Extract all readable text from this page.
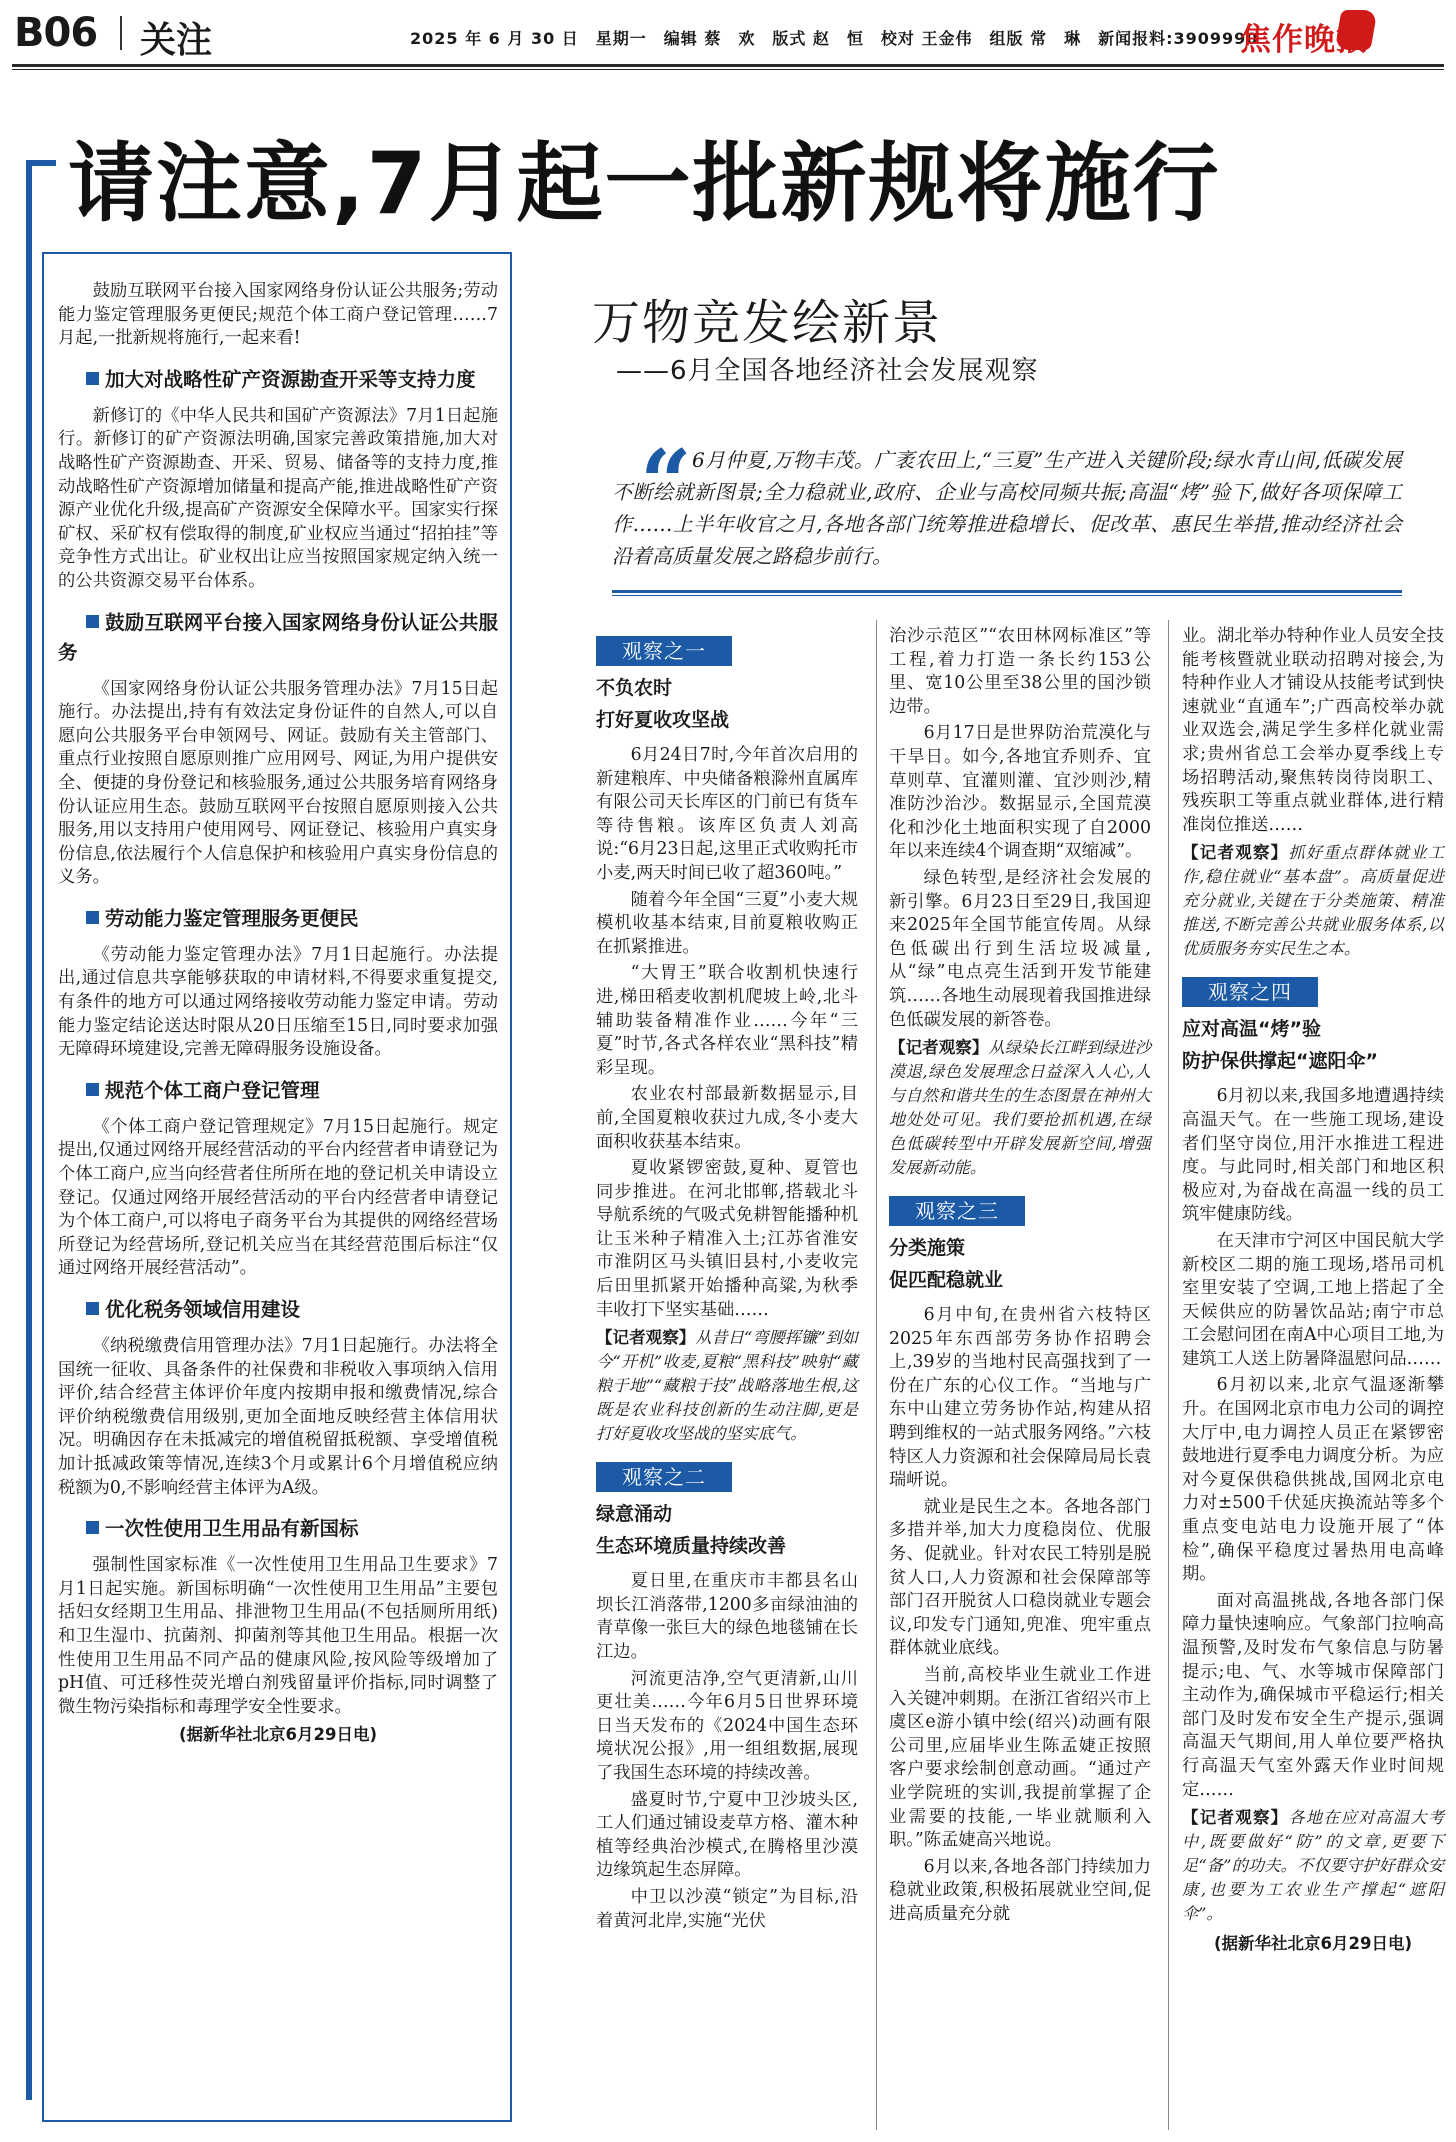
B06 关注	2025 年 6 月 30 日　星期一　编辑 蔡　欢　版式 赵　恒　校对 王金伟　组版 常　琳　新闻报料:3909990
焦作晚报
请注意,7月起一批新规将施行

鼓励互联网平台接入国家网络身份认证公共服务;劳动能力鉴定管理服务更便民;规范个体工商户登记管理……7月起,一批新规将施行,一起来看!

加大对战略性矿产资源勘查开采等支持力度

新修订的《中华人民共和国矿产资源法》7月1日起施行。新修订的矿产资源法明确,国家完善政策措施,加大对战略性矿产资源勘查、开采、贸易、储备等的支持力度,推动战略性矿产资源增加储量和提高产能,推进战略性矿产资源产业优化升级,提高矿产资源安全保障水平。国家实行探矿权、采矿权有偿取得的制度,矿业权应当通过“招拍挂”等竞争性方式出让。矿业权出让应当按照国家规定纳入统一的公共资源交易平台体系。

鼓励互联网平台接入国家网络身份认证公共服务

《国家网络身份认证公共服务管理办法》7月15日起施行。办法提出,持有有效法定身份证件的自然人,可以自愿向公共服务平台申领网号、网证。鼓励有关主管部门、重点行业按照自愿原则推广应用网号、网证,为用户提供安全、便捷的身份登记和核验服务,通过公共服务培育网络身份认证应用生态。鼓励互联网平台按照自愿原则接入公共服务,用以支持用户使用网号、网证登记、核验用户真实身份信息,依法履行个人信息保护和核验用户真实身份信息的义务。

劳动能力鉴定管理服务更便民

《劳动能力鉴定管理办法》7月1日起施行。办法提出,通过信息共享能够获取的申请材料,不得要求重复提交,有条件的地方可以通过网络接收劳动能力鉴定申请。劳动能力鉴定结论送达时限从20日压缩至15日,同时要求加强无障碍环境建设,完善无障碍服务设施设备。

规范个体工商户登记管理

《个体工商户登记管理规定》7月15日起施行。规定提出,仅通过网络开展经营活动的平台内经营者申请登记为个体工商户,应当向经营者住所所在地的登记机关申请设立登记。仅通过网络开展经营活动的平台内经营者申请登记为个体工商户,可以将电子商务平台为其提供的网络经营场所登记为经营场所,登记机关应当在其经营范围后标注“仅通过网络开展经营活动”。

优化税务领域信用建设

《纳税缴费信用管理办法》7月1日起施行。办法将全国统一征收、具备条件的社保费和非税收入事项纳入信用评价,结合经营主体评价年度内按期申报和缴费情况,综合评价纳税缴费信用级别,更加全面地反映经营主体信用状况。明确因存在未抵减完的增值税留抵税额、享受增值税加计抵减政策等情况,连续3个月或累计6个月增值税应纳税额为0,不影响经营主体评为A级。

一次性使用卫生用品有新国标

强制性国家标准《一次性使用卫生用品卫生要求》7月1日起实施。新国标明确“一次性使用卫生用品”主要包括妇女经期卫生用品、排泄物卫生用品(不包括厕所用纸)和卫生湿巾、抗菌剂、抑菌剂等其他卫生用品。根据一次性使用卫生用品不同产品的健康风险,按风险等级增加了pH值、可迁移性荧光增白剂残留量评价指标,同时调整了微生物污染指标和毒理学安全性要求。

(据新华社北京6月29日电)
万物竞发绘新景
——6月全国各地经济社会发展观察
“ 6月仲夏,万物丰茂。广袤农田上,“三夏”生产进入关键阶段;绿水青山间,低碳发展不断绘就新图景;全力稳就业,政府、企业与高校同频共振;高温“烤”验下,做好各项保障工作……上半年收官之月,各地各部门统筹推进稳增长、促改革、惠民生举措,推动经济社会沿着高质量发展之路稳步前行。
观察之一
不负农时
打好夏收攻坚战

6月24日7时,今年首次启用的新建粮库、中央储备粮滁州直属库有限公司天长库区的门前已有货车等待售粮。该库区负责人刘高说:“6月23日起,这里正式收购托市小麦,两天时间已收了超360吨。”

随着今年全国“三夏”小麦大规模机收基本结束,目前夏粮收购正在抓紧推进。

“大胃王”联合收割机快速行进,梯田稻麦收割机爬坡上岭,北斗辅助装备精准作业……今年“三夏”时节,各式各样农业“黑科技”精彩呈现。

农业农村部最新数据显示,目前,全国夏粮收获过九成,冬小麦大面积收获基本结束。

夏收紧锣密鼓,夏种、夏管也同步推进。在河北邯郸,搭载北斗导航系统的气吸式免耕智能播种机让玉米种子精准入土;江苏省淮安市淮阴区马头镇旧县村,小麦收完后田里抓紧开始播种高粱,为秋季丰收打下坚实基础……

【记者观察】从昔日“弯腰挥镰”到如今“开机”收麦,夏粮“黑科技”映射“藏粮于地”“藏粮于技”战略落地生根,这既是农业科技创新的生动注脚,更是打好夏收攻坚战的坚实底气。
观察之二
绿意涌动
生态环境质量持续改善

夏日里,在重庆市丰都县名山坝长江消落带,1200多亩绿油油的青草像一张巨大的绿色地毯铺在长江边。

河流更洁净,空气更清新,山川更壮美……今年6月5日世界环境日当天发布的《2024中国生态环境状况公报》,用一组组数据,展现了我国生态环境的持续改善。

盛夏时节,宁夏中卫沙坡头区,工人们通过铺设麦草方格、灌木种植等经典治沙模式,在腾格里沙漠边缘筑起生态屏障。

中卫以沙漠“锁定”为目标,沿着黄河北岸,实施“光伏

治沙示范区”“农田林网标准区”等工程,着力打造一条长约153公里、宽10公里至38公里的国沙锁边带。

6月17日是世界防治荒漠化与干旱日。如今,各地宜乔则乔、宜草则草、宜灌则灌、宜沙则沙,精准防沙治沙。数据显示,全国荒漠化和沙化土地面积实现了自2000年以来连续4个调查期“双缩减”。

绿色转型,是经济社会发展的新引擎。6月23日至29日,我国迎来2025年全国节能宣传周。从绿色低碳出行到生活垃圾减量,从“绿”电点亮生活到开发节能建筑……各地生动展现着我国推进绿色低碳发展的新答卷。

【记者观察】从绿染长江畔到绿进沙漠退,绿色发展理念日益深入人心,人与自然和谐共生的生态图景在神州大地处处可见。我们要抢抓机遇,在绿色低碳转型中开辟发展新空间,增强发展新动能。
观察之三
分类施策
促匹配稳就业

6月中旬,在贵州省六枝特区2025年东西部劳务协作招聘会上,39岁的当地村民高强找到了一份在广东的心仪工作。“当地与广东中山建立劳务协作站,构建从招聘到维权的一站式服务网络。”六枝特区人力资源和社会保障局局长袁瑞岍说。

就业是民生之本。各地各部门多措并举,加大力度稳岗位、优服务、促就业。针对农民工特别是脱贫人口,人力资源和社会保障部等部门召开脱贫人口稳岗就业专题会议,印发专门通知,兜准、兜牢重点群体就业底线。

当前,高校毕业生就业工作进入关键冲刺期。在浙江省绍兴市上虞区e游小镇中绘(绍兴)动画有限公司里,应届毕业生陈孟婕正按照客户要求绘制创意动画。“通过产业学院班的实训,我提前掌握了企业需要的技能,一毕业就顺利入职。”陈孟婕高兴地说。

6月以来,各地各部门持续加力稳就业政策,积极拓展就业空间,促进高质量充分就

业。湖北举办特种作业人员安全技能考核暨就业联动招聘对接会,为特种作业人才铺设从技能考试到快速就业“直通车”;广西高校举办就业双选会,满足学生多样化就业需求;贵州省总工会举办夏季线上专场招聘活动,聚焦转岗待岗职工、残疾职工等重点就业群体,进行精准岗位推送……

【记者观察】抓好重点群体就业工作,稳住就业“基本盘”。高质量促进充分就业,关键在于分类施策、精准推送,不断完善公共就业服务体系,以优质服务夯实民生之本。
观察之四
应对高温“烤”验
防护保供撑起“遮阳伞”

6月初以来,我国多地遭遇持续高温天气。在一些施工现场,建设者们坚守岗位,用汗水推进工程进度。与此同时,相关部门和地区积极应对,为奋战在高温一线的员工筑牢健康防线。

在天津市宁河区中国民航大学新校区二期的施工现场,塔吊司机室里安装了空调,工地上搭起了全天候供应的防暑饮品站;南宁市总工会慰问团在南A中心项目工地,为建筑工人送上防暑降温慰问品……

6月初以来,北京气温逐渐攀升。在国网北京市电力公司的调控大厅中,电力调控人员正在紧锣密鼓地进行夏季电力调度分析。为应对今夏保供稳供挑战,国网北京电力对±500千伏延庆换流站等多个重点变电站电力设施开展了“体检”,确保平稳度过暑热用电高峰期。

面对高温挑战,各地各部门保障力量快速响应。气象部门拉响高温预警,及时发布气象信息与防暑提示;电、气、水等城市保障部门主动作为,确保城市平稳运行;相关部门及时发布安全生产提示,强调高温天气期间,用人单位要严格执行高温天气室外露天作业时间规定……

【记者观察】各地在应对高温大考中,既要做好“防”的文章,更要下足“备”的功夫。不仅要守护好群众安康,也要为工农业生产撑起“遮阳伞”。
(据新华社北京6月29日电)
